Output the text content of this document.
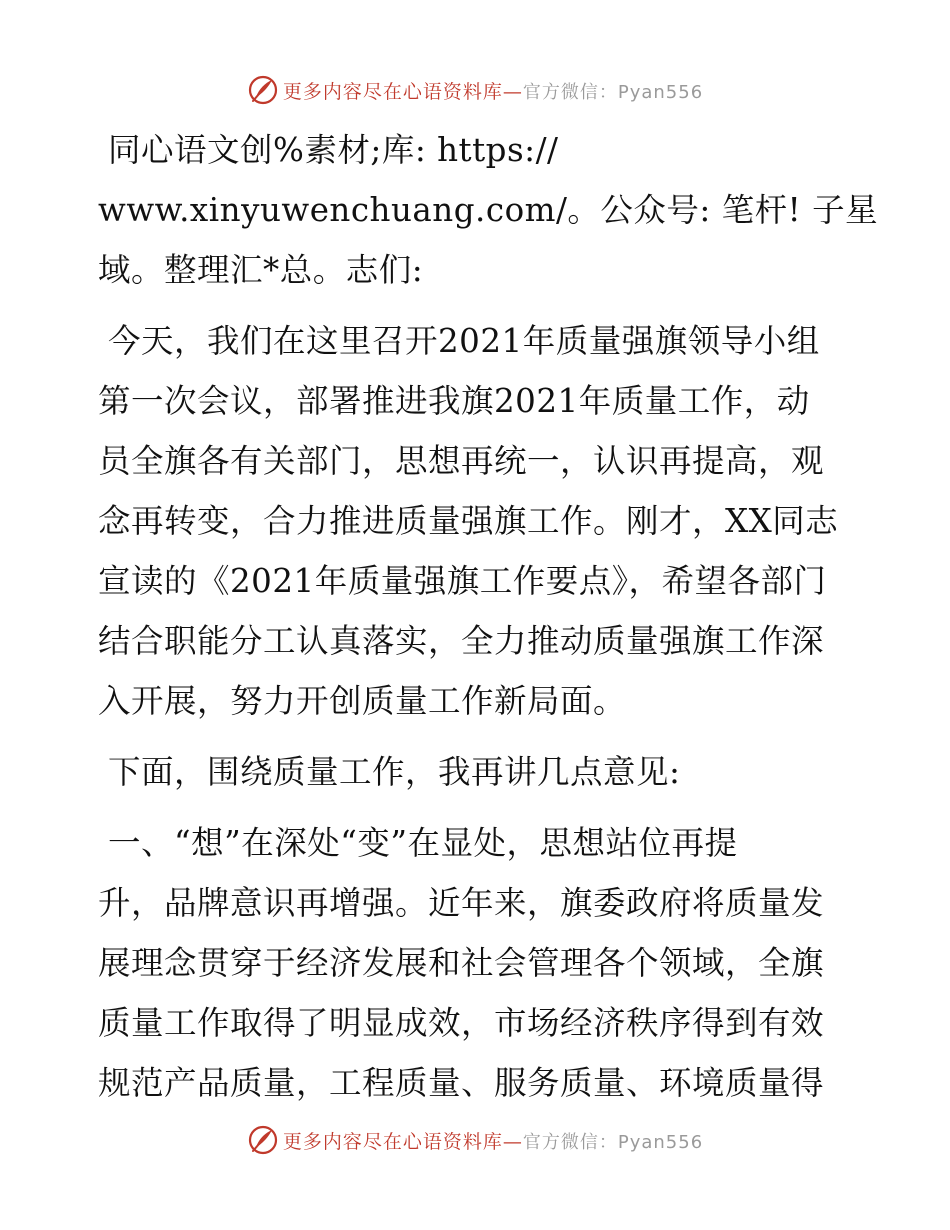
更多内容尽在心语资料库—官方微信：Pyan556
同心语文创%素材;库: https://
www.xinyuwenchuang.com/。公众号: 笔杆! 子星
域。整理汇*总。志们:
今天，我们在这里召开2021年质量强旗领导小组
第一次会议，部署推进我旗2021年质量工作，动
员全旗各有关部门，思想再统一，认识再提高，观
念再转变，合力推进质量强旗工作。刚才，XX同志
宣读的《2021年质量强旗工作要点》，希望各部门
结合职能分工认真落实，全力推动质量强旗工作深
入开展，努力开创质量工作新局面。
下面，围绕质量工作，我再讲几点意见:
一、“想”在深处“变”在显处，思想站位再提
升，品牌意识再增强。近年来，旗委政府将质量发
展理念贯穿于经济发展和社会管理各个领域，全旗
质量工作取得了明显成效，市场经济秩序得到有效
规范产品质量，工程质量、服务质量、环境质量得
更多内容尽在心语资料库—官方微信：Pyan556
